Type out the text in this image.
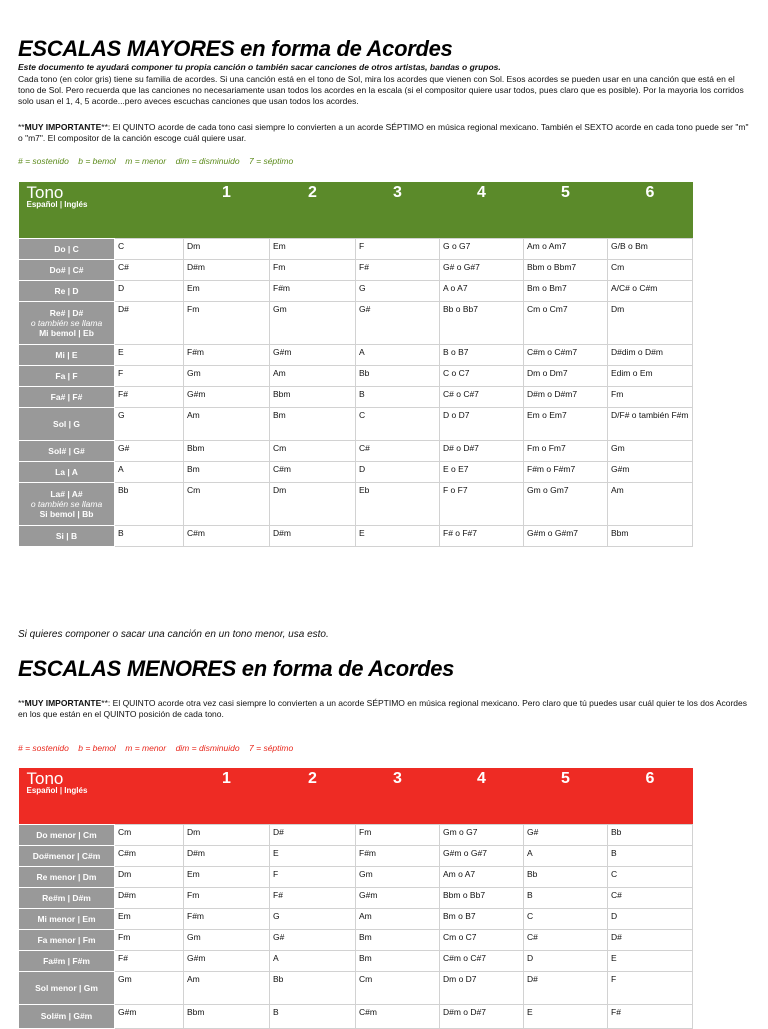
ESCALAS MAYORES en forma de Acordes
Este documento te ayudará componer tu propia canción o también sacar canciones de otros artistas, bandas o grupos.

Cada tono (en color gris) tiene su familia de acordes. Si una canción está en el tono de Sol, mira los acordes que vienen con Sol. Esos acordes se pueden usar en una canción que está en el tono de Sol. Pero recuerda que las canciones no necesariamente usan todos los acordes en la escala (si el compositor quiere usar todos, pues claro que es posible). Por la mayoria los corridos solo usan el 1, 4, 5 acorde...pero aveces escuchas canciones que usan todos los acordes.

**MUY IMPORTANTE**: El QUINTO acorde de cada tono casi siempre lo convierten a un acorde SÉPTIMO en música regional mexicano. También el SEXTO acorde en cada tono puede ser "m" o "m7". El compositor de la canción escoge cuál quiere usar.

# = sostenido    b = bemol    m = menor    dim = disminuido    7 = séptimo
Tono
Español | Inglés		1	2	3	4	5	6	7

Do | C	C	Dm	Em	F	G o G7	Am o Am7	G/B o Bm	

Do# | C#	C#	D#m	Fm	F#	G# o G#7	Bbm o Bbm7	Cm	

Re | D	D	Em	F#m	G	A o A7	Bm o Bm7	A/C# o C#m	

Re# | D#
o también se llama
Mi bemol | Eb	D#	Fm	Gm	G#	Bb o Bb7	Cm o Cm7	Dm	

Mi | E	E	F#m	G#m	A	B o B7	C#m o C#m7	D#dim o D#m	

Fa | F	F	Gm	Am	Bb	C o C7	Dm o Dm7	Edim o Em	

Fa# | F#	F#	G#m	Bbm	B	C# o C#7	D#m o D#m7	Fm	

Sol | G	G	Am	Bm	C	D o D7	Em o Em7	D/F# o también F#m	

Sol# | G#	G#	Bbm	Cm	C#	D# o D#7	Fm o Fm7	Gm	

La | A	A	Bm	C#m	D	E o E7	F#m o F#m7	G#m	

La# | A#
o también se llama
Si bemol | Bb	Bb	Cm	Dm	Eb	F o F7	Gm o Gm7	Am	

Si | B	B	C#m	D#m	E	F# o F#7	G#m o G#m7	Bbm	
Si quieres componer o sacar una canción en un tono menor, usa esto.
ESCALAS MENORES en forma de Acordes

**MUY IMPORTANTE**: El QUINTO acorde otra vez casi siempre lo convierten a un acorde SÉPTIMO en música regional mexicano. Pero claro que tú puedes usar cuál quier te los dos Acordes en los que están en el QUINTO posición de cada tono.

# = sostenido    b = bemol    m = menor    dim = disminuido    7 = séptimo
Tono
Español | Inglés		1	2	3	4	5	6	7

Do menor | Cm	Cm	Dm	D#	Fm	Gm o G7	G#	Bb	

Do#menor | C#m	C#m	D#m	E	F#m	G#m o G#7	A	B	

Re menor | Dm	Dm	Em	F	Gm	Am o A7	Bb	C	

Re#m | D#m	D#m	Fm	F#	G#m	Bbm o Bb7	B	C#	

Mi menor | Em	Em	F#m	G	Am	Bm o B7	C	D	

Fa menor | Fm	Fm	Gm	G#	Bm	Cm o C7	C#	D#	

Fa#m | F#m	F#	G#m	A	Bm	C#m o C#7	D	E	

Sol menor | Gm	Gm	Am	Bb	Cm	Dm o D7	D#	F	

Sol#m | G#m	G#m	Bbm	B	C#m	D#m o D#7	E	F#	
